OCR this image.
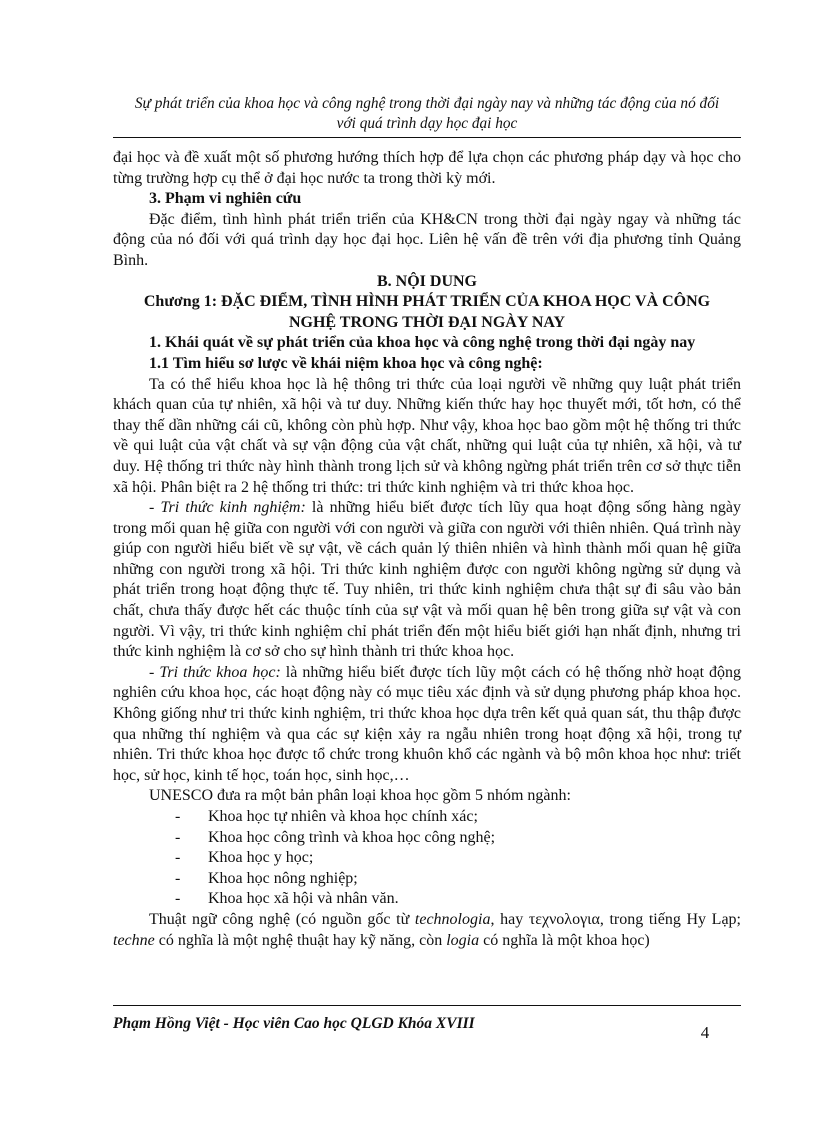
Sự phát triển của khoa học và công nghệ trong thời đại ngày nay và những tác động của nó đối
với quá trình dạy học đại học

đại học và đề xuất một số phương hướng thích hợp để lựa chọn các phương pháp dạy và học cho từng trường hợp cụ thể ở đại học nước ta trong thời kỳ mới.

3. Phạm vi nghiên cứu

Đặc điểm, tình hình phát triển triển của KH&CN trong thời đại ngày ngay và những tác động của nó đối với quá trình dạy học đại học. Liên hệ vấn đề trên với địa phương tỉnh Quảng Bình.

B. NỘI DUNG

Chương 1: ĐẶC ĐIỂM, TÌNH HÌNH PHÁT TRIỂN CỦA KHOA HỌC VÀ CÔNG NGHỆ TRONG THỜI ĐẠI NGÀY NAY

1. Khái quát về sự phát triển của khoa học và công nghệ trong thời đại ngày nay

1.1 Tìm hiểu sơ lược về khái niệm khoa học và công nghệ:

Ta có thể hiểu khoa học là hệ thông tri thức của loại người về những quy luật phát triển khách quan của tự nhiên, xã hội và tư duy. Những kiến thức hay học thuyết mới, tốt hơn, có thể thay thế dần những cái cũ, không còn phù hợp. Như vậy, khoa học bao gồm một hệ thống tri thức về qui luật của vật chất và sự vận động của vật chất, những qui luật của tự nhiên, xã hội, và tư duy. Hệ thống tri thức này hình thành trong lịch sử và không ngừng phát triển trên cơ sở thực tiễn xã hội. Phân biệt ra 2 hệ thống tri thức: tri thức kinh nghiệm và tri thức khoa học.

- Tri thức kinh nghiệm: là những hiểu biết được tích lũy qua hoạt động sống hàng ngày trong mối quan hệ giữa con người với con người và giữa con người với thiên nhiên. Quá trình này giúp con người hiểu biết về sự vật, về cách quản lý thiên nhiên và hình thành mối quan hệ giữa những con người trong xã hội. Tri thức kinh nghiệm được con người không ngừng sử dụng và phát triển trong hoạt động thực tế. Tuy nhiên, tri thức kinh nghiệm chưa thật sự đi sâu vào bản chất, chưa thấy được hết các thuộc tính của sự vật và mối quan hệ bên trong giữa sự vật và con người. Vì vậy, tri thức kinh nghiệm chỉ phát triển đến một hiểu biết giới hạn nhất định, nhưng tri thức kinh nghiệm là cơ sở cho sự hình thành tri thức khoa học.

- Tri thức khoa học: là những hiểu biết được tích lũy một cách có hệ thống nhờ hoạt động nghiên cứu khoa học, các hoạt động này có mục tiêu xác định và sử dụng phương pháp khoa học. Không giống như tri thức kinh nghiệm, tri thức khoa học dựa trên kết quả quan sát, thu thập được qua những thí nghiệm và qua các sự kiện xảy ra ngẫu nhiên trong hoạt động xã hội, trong tự nhiên. Tri thức khoa học được tổ chức trong khuôn khổ các ngành và bộ môn khoa học như: triết học, sử học, kinh tế học, toán học, sinh học,…

UNESCO đưa ra một bản phân loại khoa học gồm 5 nhóm ngành:

- Khoa học tự nhiên và khoa học chính xác;
- Khoa học công trình và khoa học công nghệ;
- Khoa học y học;
- Khoa học nông nghiệp;
- Khoa học xã hội và nhân văn.

Thuật ngữ công nghệ (có nguồn gốc từ technologia, hay τεχνολογια, trong tiếng Hy Lạp; techne có nghĩa là một nghệ thuật hay kỹ năng, còn logia có nghĩa là một khoa học)

Phạm Hồng Việt - Học viên Cao học QLGD Khóa XVIII	4
